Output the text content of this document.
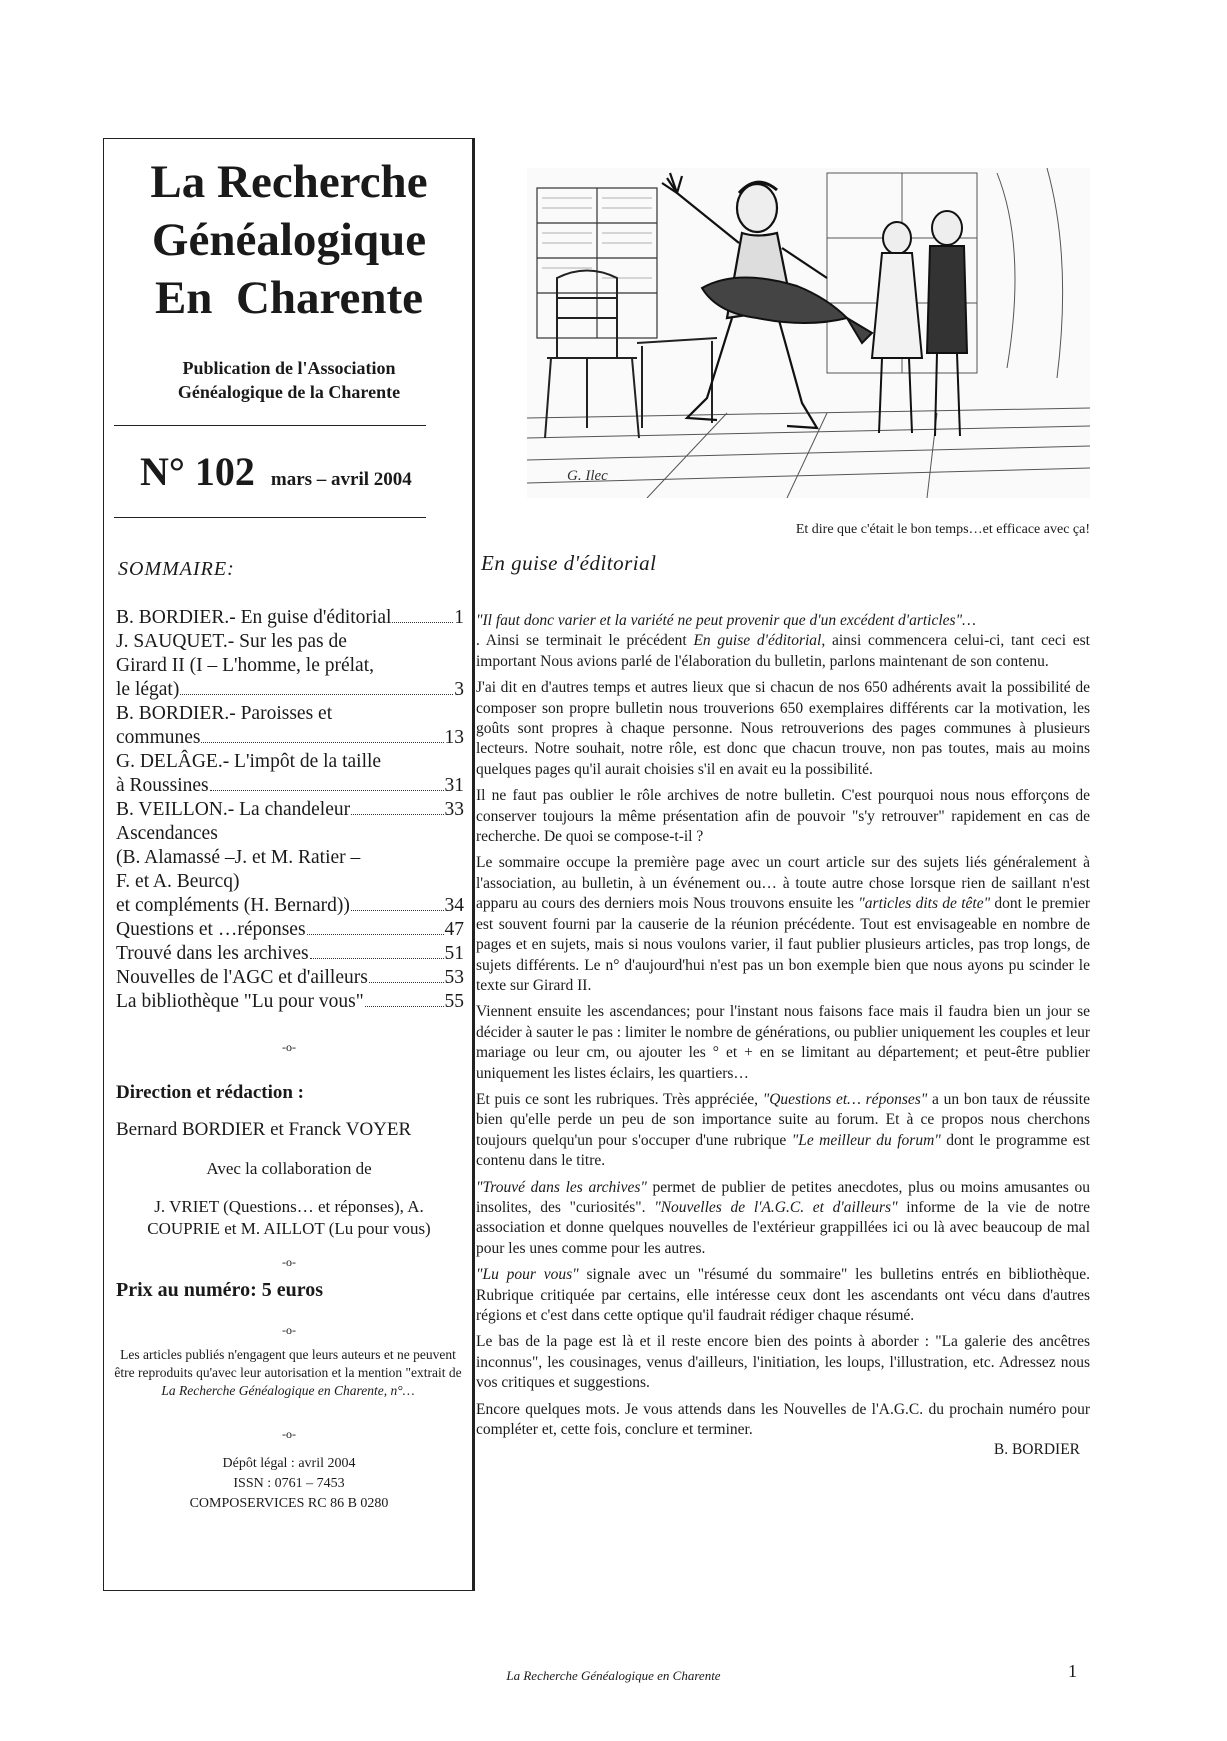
La Recherche

Généalogique

En  Charente

Publication de l'Association
Généalogique de la Charente
N° 102 mars – avril 2004
SOMMAIRE:
B. BORDIER.- En guise d'éditorial	1
J. SAUQUET.- Sur les pas de
Girard II (I – L'homme, le prélat,
le légat)	3
B. BORDIER.- Paroisses et
communes	13
G. DELÂGE.- L'impôt de la taille
à Roussines	31
B. VEILLON.- La chandeleur	33
Ascendances
(B. Alamassé –J. et M. Ratier –
F. et A. Beurcq)
et compléments (H. Bernard))	34
Questions et …réponses	47
Trouvé dans les archives	51
Nouvelles de l'AGC et d'ailleurs	53
La bibliothèque "Lu pour vous"	55
-o-
Direction et rédaction :
Bernard BORDIER et Franck VOYER
Avec la collaboration de
J. VRIET (Questions… et réponses), A.
COUPRIE et M. AILLOT (Lu pour vous)
-o-
Prix au numéro: 5 euros
-o-
Les articles publiés n'engagent que leurs auteurs et ne peuvent être reproduits qu'avec leur autorisation et la mention "extrait de La Recherche Généalogique en Charente, n°…
-o-
Dépôt légal : avril 2004
ISSN : 0761 – 7453
COMPOSERVICES RC 86 B 0280
G. Ilec
Et dire que c'était le bon temps…et efficace avec ça!
En guise d'éditorial

"Il faut donc varier et la variété ne peut provenir que d'un excédent d'articles"…
. Ainsi se terminait le précédent En guise d'éditorial, ainsi commencera celui-ci, tant ceci est important Nous avions parlé de l'élaboration du bulletin, parlons maintenant de son contenu.

J'ai dit en d'autres temps et autres lieux que si chacun de nos 650 adhérents avait la possibilité de composer son propre bulletin nous trouverions 650 exemplaires différents car la motivation, les goûts sont propres à chaque personne. Nous retrouverions des pages communes à plusieurs lecteurs. Notre souhait, notre rôle, est donc que chacun trouve, non pas toutes, mais au moins quelques pages qu'il aurait choisies s'il en avait eu la possibilité.

Il ne faut pas oublier le rôle archives de notre bulletin. C'est pourquoi nous nous efforçons de conserver toujours la même présentation afin de pouvoir "s'y retrouver" rapidement en cas de recherche. De quoi se compose-t-il ?

Le sommaire occupe la première page avec un court article sur des sujets liés généralement à l'association, au bulletin, à un événement ou… à toute autre chose lorsque rien de saillant n'est apparu au cours des derniers mois Nous trouvons ensuite les "articles dits de tête" dont le premier est souvent fourni par la causerie de la réunion précédente. Tout est envisageable en nombre de pages et en sujets, mais si nous voulons varier, il faut publier plusieurs articles, pas trop longs, de sujets différents. Le n° d'aujourd'hui n'est pas un bon exemple bien que nous ayons pu scinder le texte sur Girard II.

Viennent ensuite les ascendances; pour l'instant nous faisons face mais il faudra bien un jour se décider à sauter le pas : limiter le nombre de générations, ou publier uniquement les couples et leur mariage ou leur cm, ou ajouter les ° et + en se limitant au département; et peut-être publier uniquement les listes éclairs, les quartiers…

Et puis ce sont les rubriques. Très appréciée, "Questions et… réponses" a un bon taux de réussite bien qu'elle perde un peu de son importance suite au forum. Et à ce propos nous cherchons toujours quelqu'un pour s'occuper d'une rubrique "Le meilleur du forum" dont le programme est contenu dans le titre.

"Trouvé dans les archives" permet de publier de petites anecdotes, plus ou moins amusantes ou insolites, des "curiosités". "Nouvelles de l'A.G.C. et d'ailleurs" informe de la vie de notre association et donne quelques nouvelles de l'extérieur grappillées ici ou là avec beaucoup de mal pour les unes comme pour les autres.

"Lu pour vous" signale avec un "résumé du sommaire" les bulletins entrés en bibliothèque. Rubrique critiquée par certains, elle intéresse ceux dont les ascendants ont vécu dans d'autres régions et c'est dans cette optique qu'il faudrait rédiger chaque résumé.

Le bas de la page est là et il reste encore bien des points à aborder : "La galerie des ancêtres inconnus", les cousinages, venus d'ailleurs, l'initiation, les loups, l'illustration, etc. Adressez nous vos critiques et suggestions.

Encore quelques mots. Je vous attends dans les Nouvelles de l'A.G.C. du prochain numéro pour compléter et, cette fois, conclure et terminer.

B. BORDIER

La Recherche Généalogique en Charente	1
